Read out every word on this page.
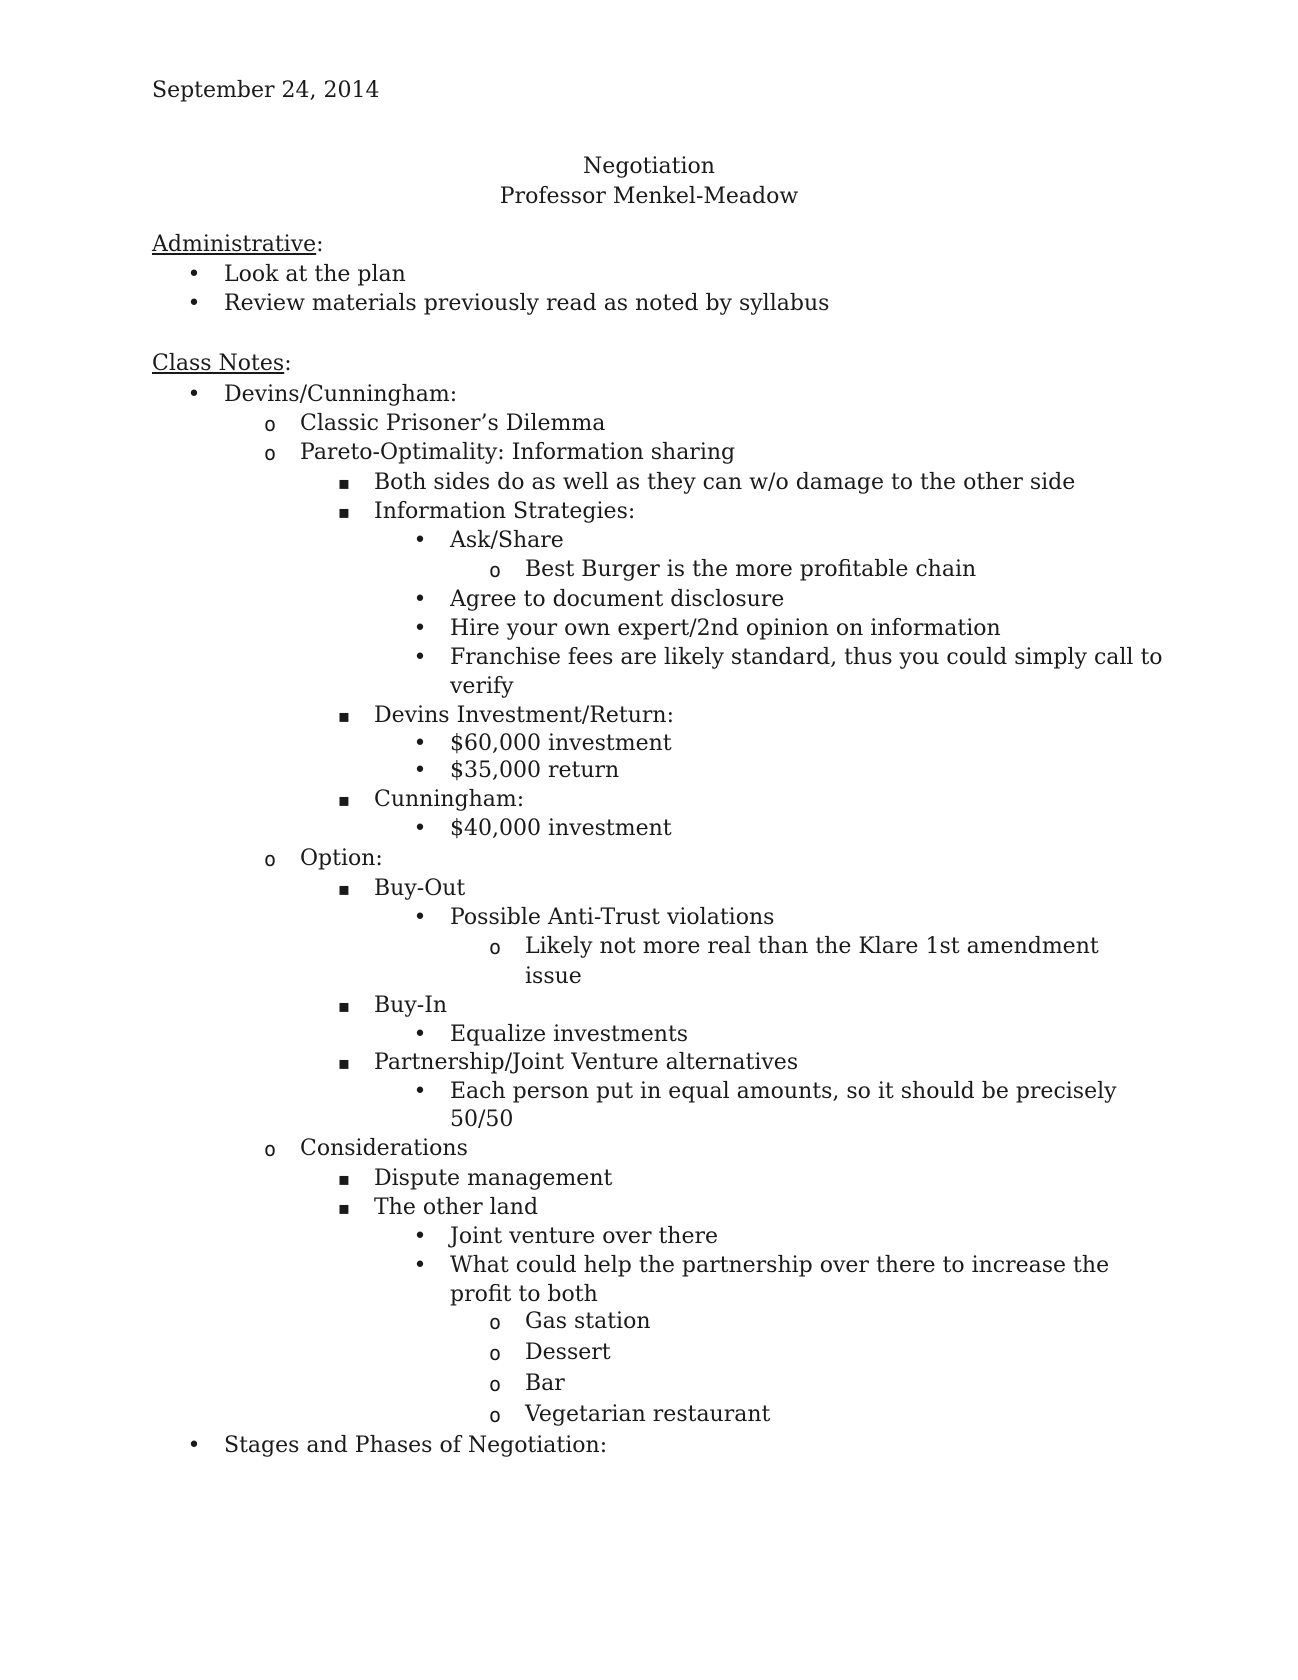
September 24, 2014
Negotiation
Professor Menkel-Meadow
Administrative:
•
Look at the plan
•
Review materials previously read as noted by syllabus
Class Notes:
•
Devins/Cunningham:
o
Classic Prisoner’s Dilemma
o
Pareto-Optimality: Information sharing
▪
Both sides do as well as they can w/o damage to the other side
▪
Information Strategies:
•
Ask/Share
o
Best Burger is the more profitable chain
•
Agree to document disclosure
•
Hire your own expert/2nd opinion on information
•
Franchise fees are likely standard, thus you could simply call to
verify
▪
Devins Investment/Return:
•
$60,000 investment
•
$35,000 return
▪
Cunningham:
•
$40,000 investment
o
Option:
▪
Buy-Out
•
Possible Anti-Trust violations
o
Likely not more real than the Klare 1st amendment
issue
▪
Buy-In
•
Equalize investments
▪
Partnership/Joint Venture alternatives
•
Each person put in equal amounts, so it should be precisely
50/50
o
Considerations
▪
Dispute management
▪
The other land
•
Joint venture over there
•
What could help the partnership over there to increase the
profit to both
o
Gas station
o
Dessert
o
Bar
o
Vegetarian restaurant
•
Stages and Phases of Negotiation:
